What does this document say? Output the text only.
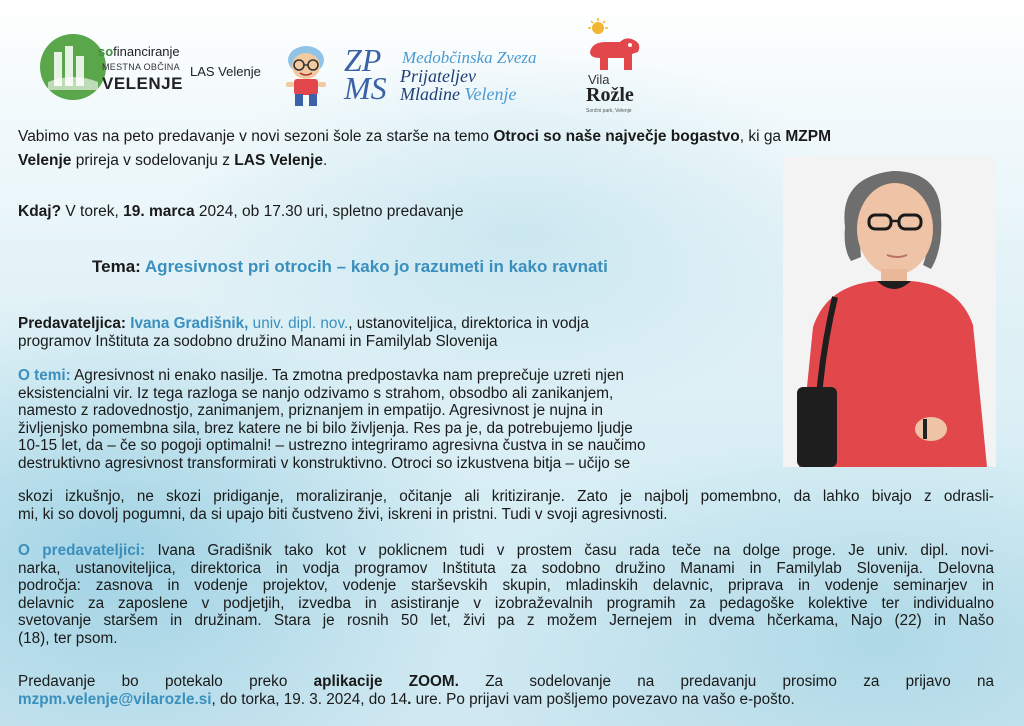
sofinanciranje
MESTNA OBČINA
VELENJE
LAS Velenje	ZP
MS
Medobčinska Zveza
Prijateljev
Mladine Velenje
Vila
Rožle
Sončni park, Velenje
Vabimo vas na peto predavanje v novi sezoni šole za starše na temo Otroci so naše največje bogastvo, ki ga MZPM
Velenje prireja v sodelovanju z LAS Velenje.
Kdaj? V torek, 19. marca 2024, ob 17.30 uri, spletno predavanje
Tema: Agresivnost pri otrocih – kako jo razumeti in kako ravnati
Predavateljica: Ivana Gradišnik, univ. dipl. nov., ustanoviteljica, direktorica in vodja
programov Inštituta za sodobno družino Manami in Familylab Slovenija

O temi: Agresivnost ni enako nasilje. Ta zmotna predpostavka nam preprečuje uzreti njen

eksistencialni vir. Iz tega razloga se nanjo odzivamo s strahom, obsodbo ali zanikanjem,

namesto z radovednostjo, zanimanjem, priznanjem in empatijo. Agresivnost je nujna in

življenjsko pomembna sila, brez katere ne bi bilo življenja. Res pa je, da potrebujemo ljudje

10-15 let, da – če so pogoji optimalni! – ustrezno integriramo agresivna čustva in se naučimo

destruktivno agresivnost transformirati v konstruktivno. Otroci so izkustvena bitja – učijo se

skozi izkušnjo, ne skozi pridiganje, moraliziranje, očitanje ali kritiziranje. Zato je najbolj pomembno, da lahko bivajo z odrasli-

mi, ki so dovolj pogumni, da si upajo biti čustveno živi, iskreni in pristni. Tudi v svoji agresivnosti.

O predavateljici: Ivana Gradišnik tako kot v poklicnem tudi v prostem času rada teče na dolge proge. Je univ. dipl. novi-

narka, ustanoviteljica, direktorica in vodja programov Inštituta za sodobno družino Manami in Familylab Slovenija. Delovna

področja: zasnova in vodenje projektov, vodenje starševskih skupin, mladinskih delavnic, priprava in vodenje seminarjev in

delavnic za zaposlene v podjetjih, izvedba in asistiranje v izobraževalnih programih za pedagoške kolektive ter individualno

svetovanje staršem in družinam. Stara je rosnih 50 let, živi pa z možem Jernejem in dvema hčerkama, Najo (22) in Našo

(18), ter psom.

Predavanje bo potekalo preko aplikacije ZOOM. Za sodelovanje na predavanju prosimo za prijavo na

mzpm.velenje@vilarozle.si, do torka, 19. 3. 2024, do 14. ure. Po prijavi vam pošljemo povezavo na vašo e-pošto.
